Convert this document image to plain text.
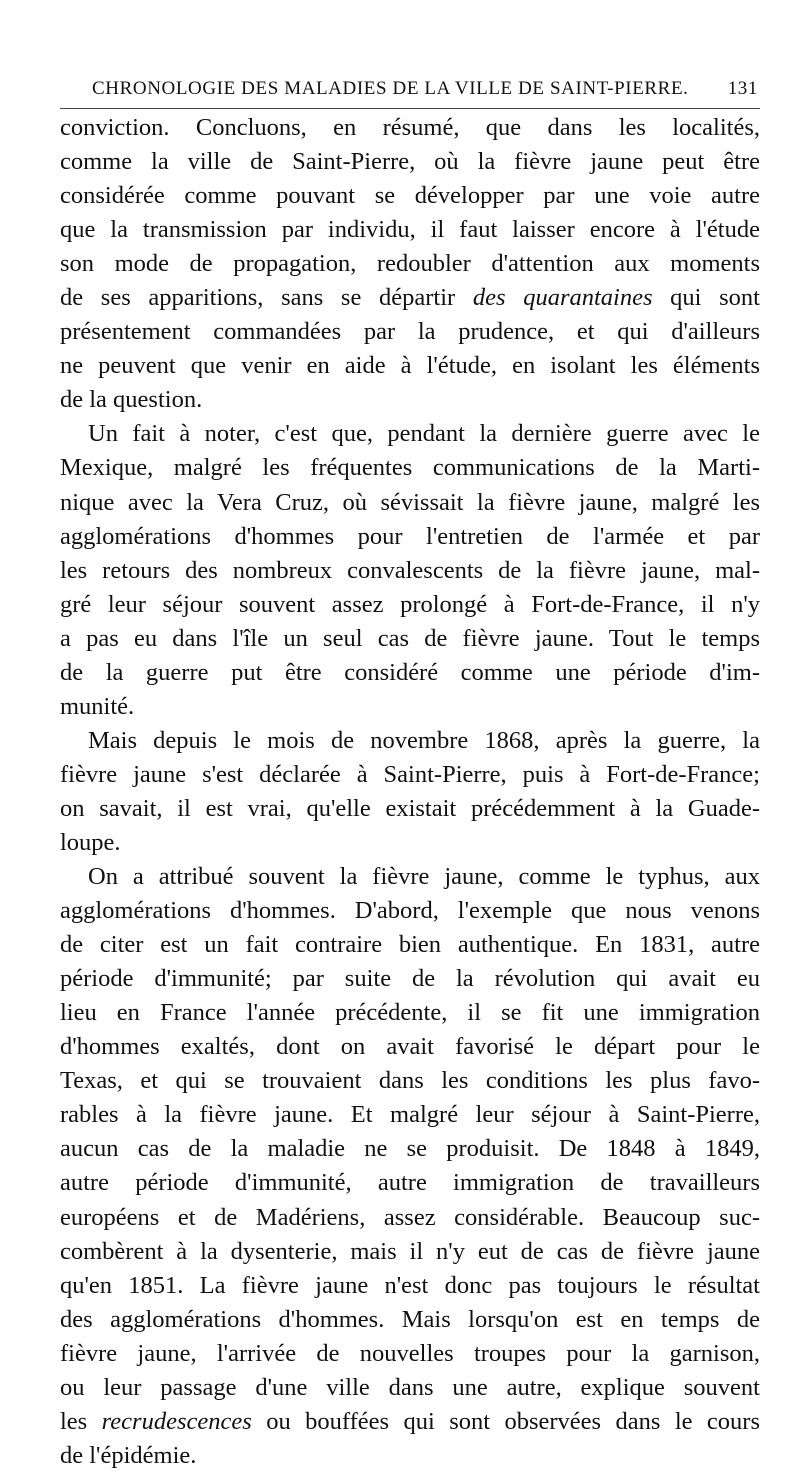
CHRONOLOGIE DES MALADIES DE LA VILLE DE SAINT-PIERRE. 131
conviction. Concluons, en résumé, que dans les localités,
comme la ville de Saint-Pierre, où la fièvre jaune peut être
considérée comme pouvant se développer par une voie autre
que la transmission par individu, il faut laisser encore à l'étude
son mode de propagation, redoubler d'attention aux moments
de ses apparitions, sans se départir des quarantaines qui sont
présentement commandées par la prudence, et qui d'ailleurs
ne peuvent que venir en aide à l'étude, en isolant les éléments
de la question.
Un fait à noter, c'est que, pendant la dernière guerre avec le
Mexique, malgré les fréquentes communications de la Marti-
nique avec la Vera Cruz, où sévissait la fièvre jaune, malgré les
agglomérations d'hommes pour l'entretien de l'armée et par
les retours des nombreux convalescents de la fièvre jaune, mal-
gré leur séjour souvent assez prolongé à Fort-de-France, il n'y
a pas eu dans l'île un seul cas de fièvre jaune. Tout le temps
de la guerre put être considéré comme une période d'im-
munité.
Mais depuis le mois de novembre 1868, après la guerre, la
fièvre jaune s'est déclarée à Saint-Pierre, puis à Fort-de-France;
on savait, il est vrai, qu'elle existait précédemment à la Guade-
loupe.
On a attribué souvent la fièvre jaune, comme le typhus, aux
agglomérations d'hommes. D'abord, l'exemple que nous venons
de citer est un fait contraire bien authentique. En 1831, autre
période d'immunité; par suite de la révolution qui avait eu
lieu en France l'année précédente, il se fit une immigration
d'hommes exaltés, dont on avait favorisé le départ pour le
Texas, et qui se trouvaient dans les conditions les plus favo-
rables à la fièvre jaune. Et malgré leur séjour à Saint-Pierre,
aucun cas de la maladie ne se produisit. De 1848 à 1849,
autre période d'immunité, autre immigration de travailleurs
européens et de Madériens, assez considérable. Beaucoup suc-
combèrent à la dysenterie, mais il n'y eut de cas de fièvre jaune
qu'en 1851. La fièvre jaune n'est donc pas toujours le résultat
des agglomérations d'hommes. Mais lorsqu'on est en temps de
fièvre jaune, l'arrivée de nouvelles troupes pour la garnison,
ou leur passage d'une ville dans une autre, explique souvent
les recrudescences ou bouffées qui sont observées dans le cours
de l'épidémie.
